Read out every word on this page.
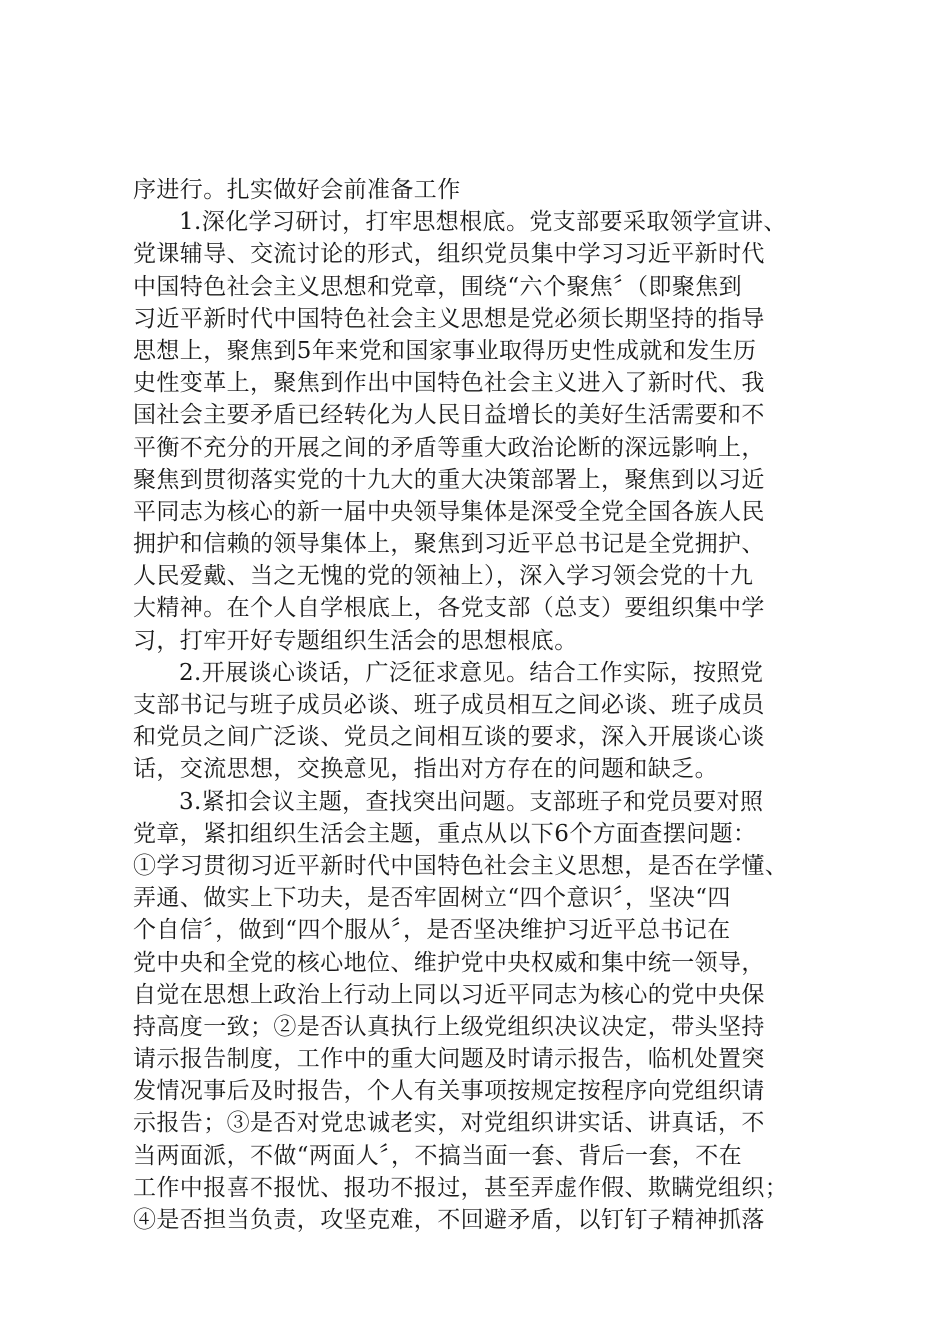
序进行。扎实做好会前准备工作
1.深化学习研讨，打牢思想根底。党支部要采取领学宣讲、
党课辅导、交流讨论的形式，组织党员集中学习习近平新时代
中国特色社会主义思想和党章，围绕“六个聚焦〞（即聚焦到
习近平新时代中国特色社会主义思想是党必须长期坚持的指导
思想上，聚焦到5年来党和国家事业取得历史性成就和发生历
史性变革上，聚焦到作出中国特色社会主义进入了新时代、我
国社会主要矛盾已经转化为人民日益增长的美好生活需要和不
平衡不充分的开展之间的矛盾等重大政治论断的深远影响上，
聚焦到贯彻落实党的十九大的重大决策部署上，聚焦到以习近
平同志为核心的新一届中央领导集体是深受全党全国各族人民
拥护和信赖的领导集体上，聚焦到习近平总书记是全党拥护、
人民爱戴、当之无愧的党的领袖上），深入学习领会党的十九
大精神。在个人自学根底上，各党支部（总支）要组织集中学
习，打牢开好专题组织生活会的思想根底。
2.开展谈心谈话，广泛征求意见。结合工作实际，按照党
支部书记与班子成员必谈、班子成员相互之间必谈、班子成员
和党员之间广泛谈、党员之间相互谈的要求，深入开展谈心谈
话，交流思想，交换意见，指出对方存在的问题和缺乏。
3.紧扣会议主题，查找突出问题。支部班子和党员要对照
党章，紧扣组织生活会主题，重点从以下6个方面查摆问题：
①学习贯彻习近平新时代中国特色社会主义思想，是否在学懂、
弄通、做实上下功夫，是否牢固树立“四个意识〞，坚决“四
个自信〞，做到“四个服从〞，是否坚决维护习近平总书记在
党中央和全党的核心地位、维护党中央权威和集中统一领导，
自觉在思想上政治上行动上同以习近平同志为核心的党中央保
持高度一致；②是否认真执行上级党组织决议决定，带头坚持
请示报告制度，工作中的重大问题及时请示报告，临机处置突
发情况事后及时报告，个人有关事项按规定按程序向党组织请
示报告；③是否对党忠诚老实，对党组织讲实话、讲真话，不
当两面派，不做“两面人〞，不搞当面一套、背后一套，不在
工作中报喜不报忧、报功不报过，甚至弄虚作假、欺瞒党组织；
④是否担当负责，攻坚克难，不回避矛盾，以钉钉子精神抓落
